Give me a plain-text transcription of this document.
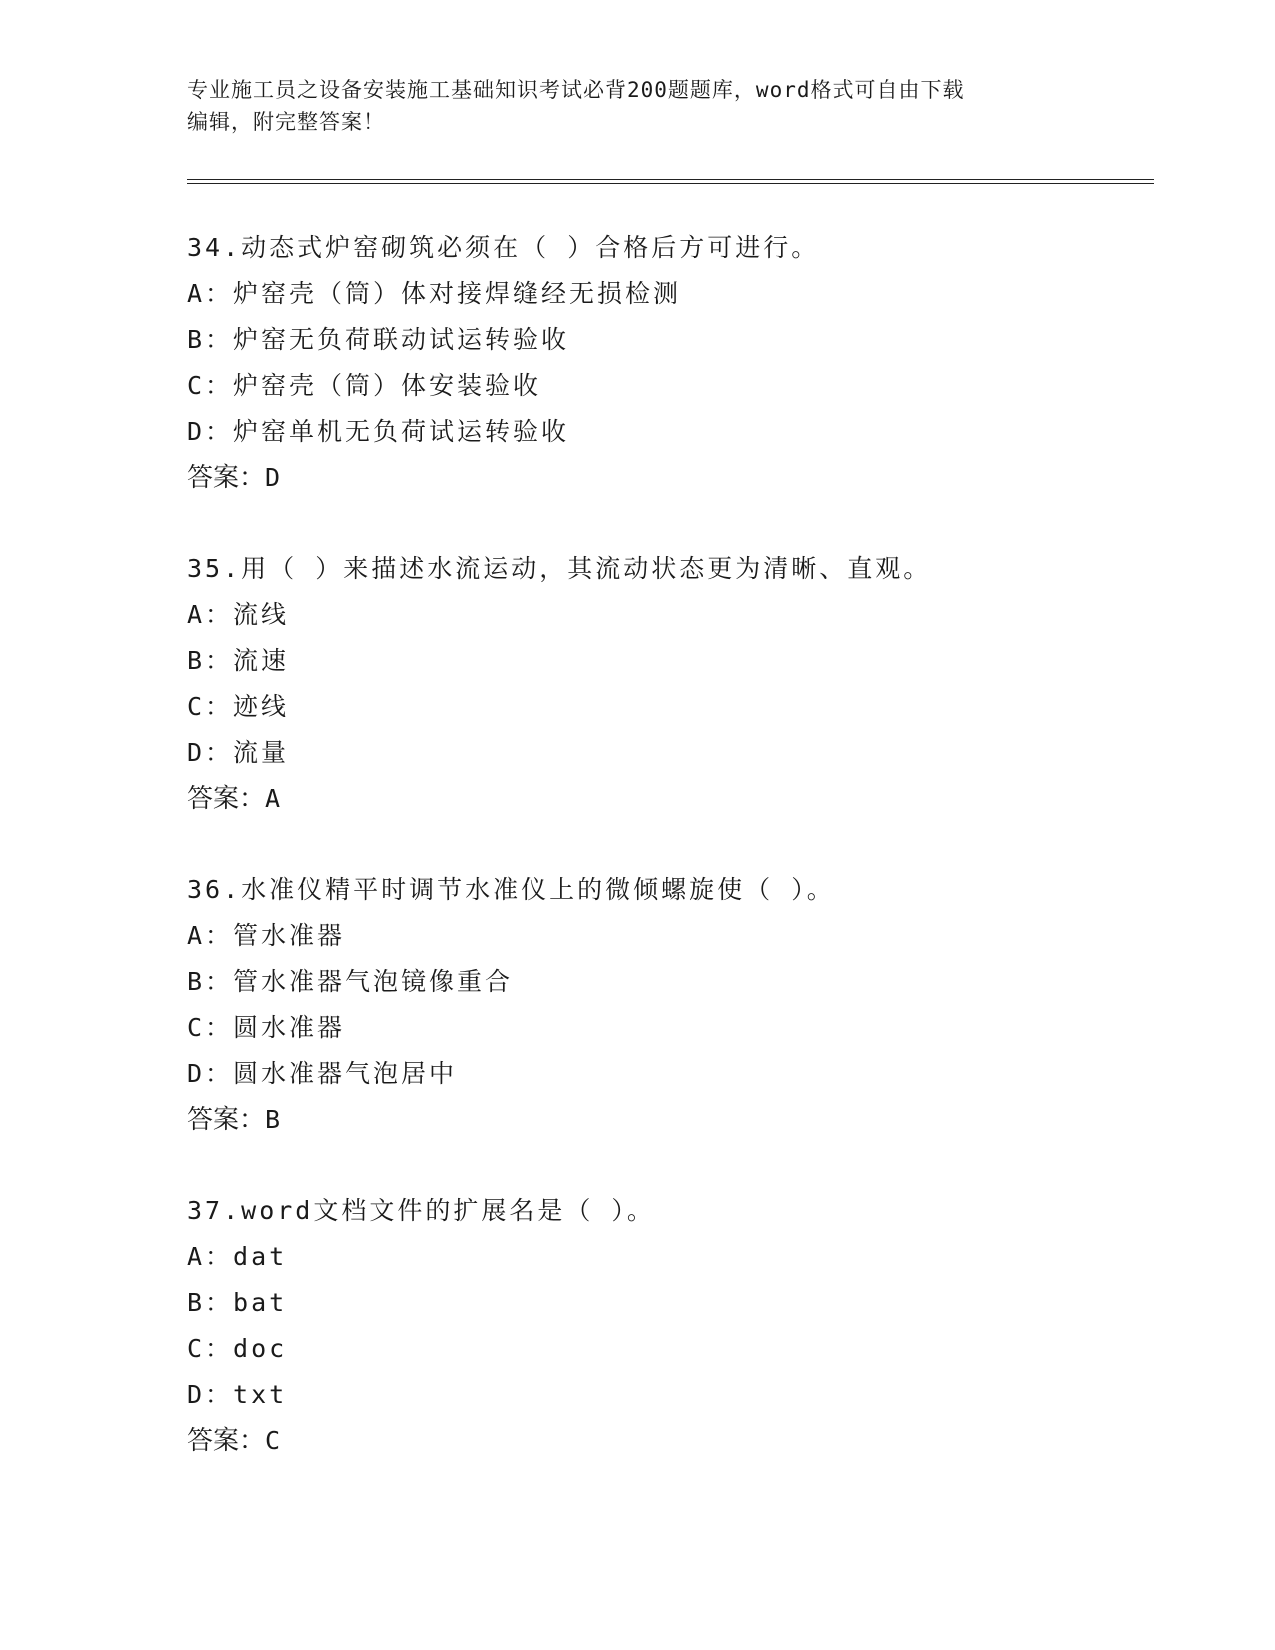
专业施工员之设备安装施工基础知识考试必背200题题库，word格式可自由下载
编辑，附完整答案！
34.动态式炉窑砌筑必须在（ ）合格后方可进行。
A：炉窑壳（筒）体对接焊缝经无损检测
B：炉窑无负荷联动试运转验收
C：炉窑壳（筒）体安装验收
D：炉窑单机无负荷试运转验收
答案：D
35.用（ ）来描述水流运动，其流动状态更为清晰、直观。
A：流线
B：流速
C：迹线
D：流量
答案：A
36.水准仪精平时调节水准仪上的微倾螺旋使（ ）。
A：管水准器
B：管水准器气泡镜像重合
C：圆水准器
D：圆水准器气泡居中
答案：B
37.word文档文件的扩展名是（ ）。
A：dat
B：bat
C：doc
D：txt
答案：C
